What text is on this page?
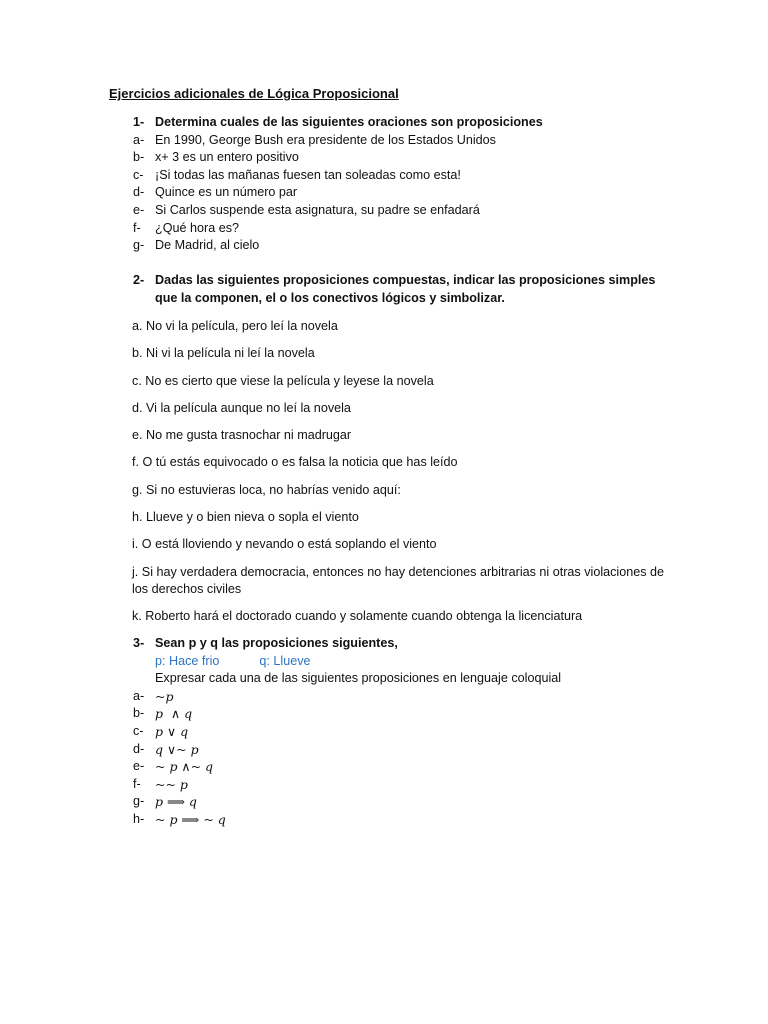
Ejercicios adicionales de Lógica Proposicional
1- Determina cuales de las siguientes oraciones son proposiciones
a- En 1990, George Bush era presidente de los Estados Unidos
b- x+ 3 es un entero positivo
c- ¡Si todas las mañanas fuesen tan soleadas como esta!
d- Quince es un número par
e- Si Carlos suspende esta asignatura, su padre se enfadará
f-	¿Qué hora es?
g- De Madrid, al cielo
2- Dadas las siguientes proposiciones compuestas, indicar las proposiciones simples que la componen, el o los conectivos lógicos y simbolizar.
a. No vi la película, pero leí la novela
b. Ni vi la película ni leí la novela
c. No es cierto que viese la película y leyese la novela
d. Vi la película aunque no leí la novela
e. No me gusta trasnochar ni madrugar
f. O tú estás equivocado o es falsa la noticia que has leído
g. Si no estuvieras loca, no habrías venido aquí:
h. Llueve y o bien nieva o sopla el viento
i. O está lloviendo y nevando o está soplando el viento
j. Si hay verdadera democracia, entonces no hay detenciones arbitrarias ni otras violaciones de los derechos civiles
k. Roberto hará el doctorado cuando y solamente cuando obtenga la licenciatura
3- Sean p y q las proposiciones siguientes,
p: Hace frio	q: Llueve
Expresar cada una de las siguientes proposiciones en lenguaje coloquial
a- ~p
b- p  ∧ q
c- p ∨ q
d- q ∨~ p
e- ~ p ∧~ q
f-	~~ p
g- p ⟹ q
h- ~ p ⟹ ~ q
